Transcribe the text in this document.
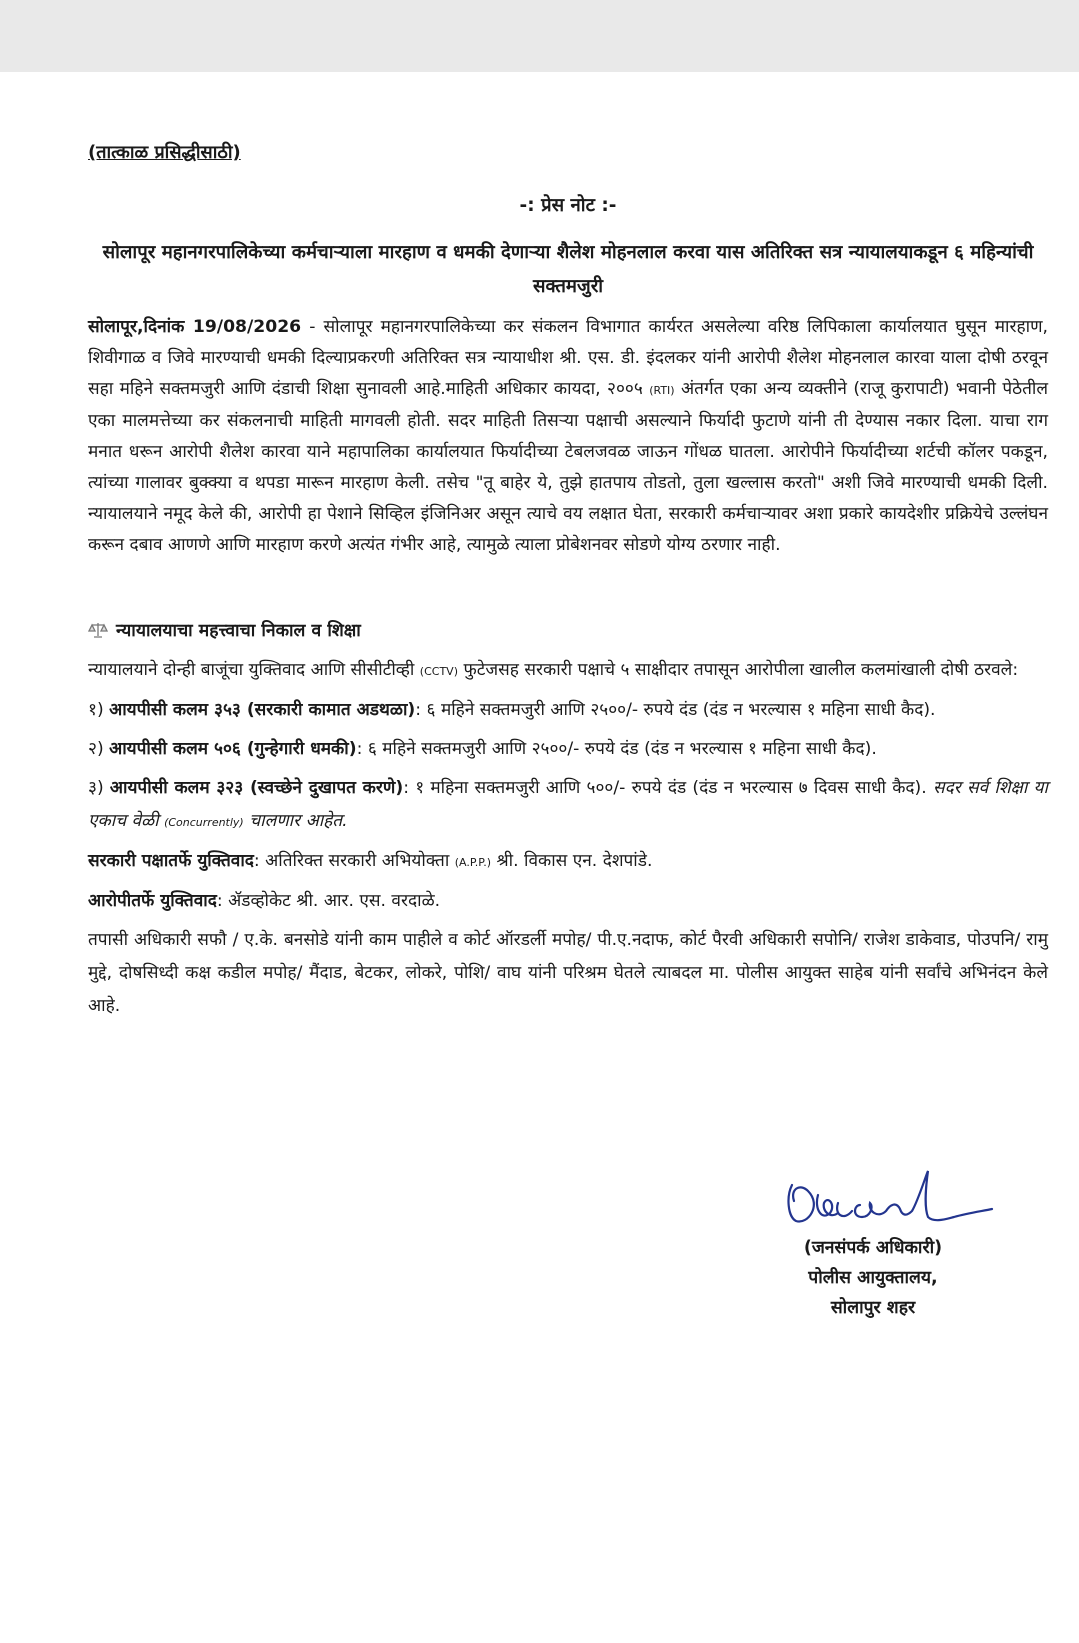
(तात्काळ प्रसिद्धीसाठी)
-: प्रेस नोट :-
सोलापूर महानगरपालिकेच्या कर्मचाऱ्याला मारहाण व धमकी देणाऱ्या शैलेश मोहनलाल करवा यास अतिरिक्त सत्र न्यायालयाकडून ६ महिन्यांची सक्तमजुरी
सोलापूर,दिनांक 19/08/2026 - सोलापूर महानगरपालिकेच्या कर संकलन विभागात कार्यरत असलेल्या वरिष्ठ लिपिकाला कार्यालयात घुसून मारहाण, शिवीगाळ व जिवे मारण्याची धमकी दिल्याप्रकरणी अतिरिक्त सत्र न्यायाधीश श्री. एस. डी. इंदलकर यांनी आरोपी शैलेश मोहनलाल कारवा याला दोषी ठरवून सहा महिने सक्तमजुरी आणि दंडाची शिक्षा सुनावली आहे.माहिती अधिकार कायदा, २००५ (RTI) अंतर्गत एका अन्य व्यक्तीने (राजू कुरापाटी) भवानी पेठेतील एका मालमत्तेच्या कर संकलनाची माहिती मागवली होती. सदर माहिती तिसऱ्या पक्षाची असल्याने फिर्यादी फुटाणे यांनी ती देण्यास नकार दिला. याचा राग मनात धरून आरोपी शैलेश कारवा याने महापालिका कार्यालयात फिर्यादीच्या टेबलजवळ जाऊन गोंधळ घातला. आरोपीने फिर्यादीच्या शर्टची कॉलर पकडून, त्यांच्या गालावर बुक्क्या व थपडा मारून मारहाण केली. तसेच "तू बाहेर ये, तुझे हातपाय तोडतो, तुला खल्लास करतो" अशी जिवे मारण्याची धमकी दिली. न्यायालयाने नमूद केले की, आरोपी हा पेशाने सिव्हिल इंजिनिअर असून त्याचे वय लक्षात घेता, सरकारी कर्मचाऱ्यावर अशा प्रकारे कायदेशीर प्रक्रियेचे उल्लंघन करून दबाव आणणे आणि मारहाण करणे अत्यंत गंभीर आहे, त्यामुळे त्याला प्रोबेशनवर सोडणे योग्य ठरणार नाही.
न्यायालयाचा महत्त्वाचा निकाल व शिक्षा

न्यायालयाने दोन्ही बाजूंचा युक्तिवाद आणि सीसीटीव्ही (CCTV) फुटेजसह सरकारी पक्षाचे ५ साक्षीदार तपासून आरोपीला खालील कलमांखाली दोषी ठरवले:

१) आयपीसी कलम ३५३ (सरकारी कामात अडथळा): ६ महिने सक्तमजुरी आणि २५००/- रुपये दंड (दंड न भरल्यास १ महिना साधी कैद).

२) आयपीसी कलम ५०६ (गुन्हेगारी धमकी): ६ महिने सक्तमजुरी आणि २५००/- रुपये दंड (दंड न भरल्यास १ महिना साधी कैद).

३) आयपीसी कलम ३२३ (स्वच्छेने दुखापत करणे): १ महिना सक्तमजुरी आणि ५००/- रुपये दंड (दंड न भरल्यास ७ दिवस साधी कैद). सदर सर्व शिक्षा या एकाच वेळी (Concurrently) चालणार आहेत.

सरकारी पक्षातर्फे युक्तिवाद: अतिरिक्त सरकारी अभियोक्ता (A.P.P.) श्री. विकास एन. देशपांडे.

आरोपीतर्फे युक्तिवाद: ॲडव्होकेट श्री. आर. एस. वरदाळे.

तपासी अधिकारी सफौ / ए.के. बनसोडे यांनी काम पाहीले व कोर्ट ऑरडर्ली मपोह/ पी.ए.नदाफ, कोर्ट पैरवी अधिकारी सपोनि/ राजेश डाकेवाड, पोउपनि/ रामु मुद्दे, दोषसिध्दी कक्ष कडील मपोह/ मैंदाड, बेटकर, लोकरे, पोशि/ वाघ यांनी परिश्रम घेतले त्याबदल मा. पोलीस आयुक्त साहेब यांनी सर्वांचे अभिनंदन केले आहे.

(जनसंपर्क अधिकारी)
पोलीस आयुक्तालय,
सोलापुर शहर
